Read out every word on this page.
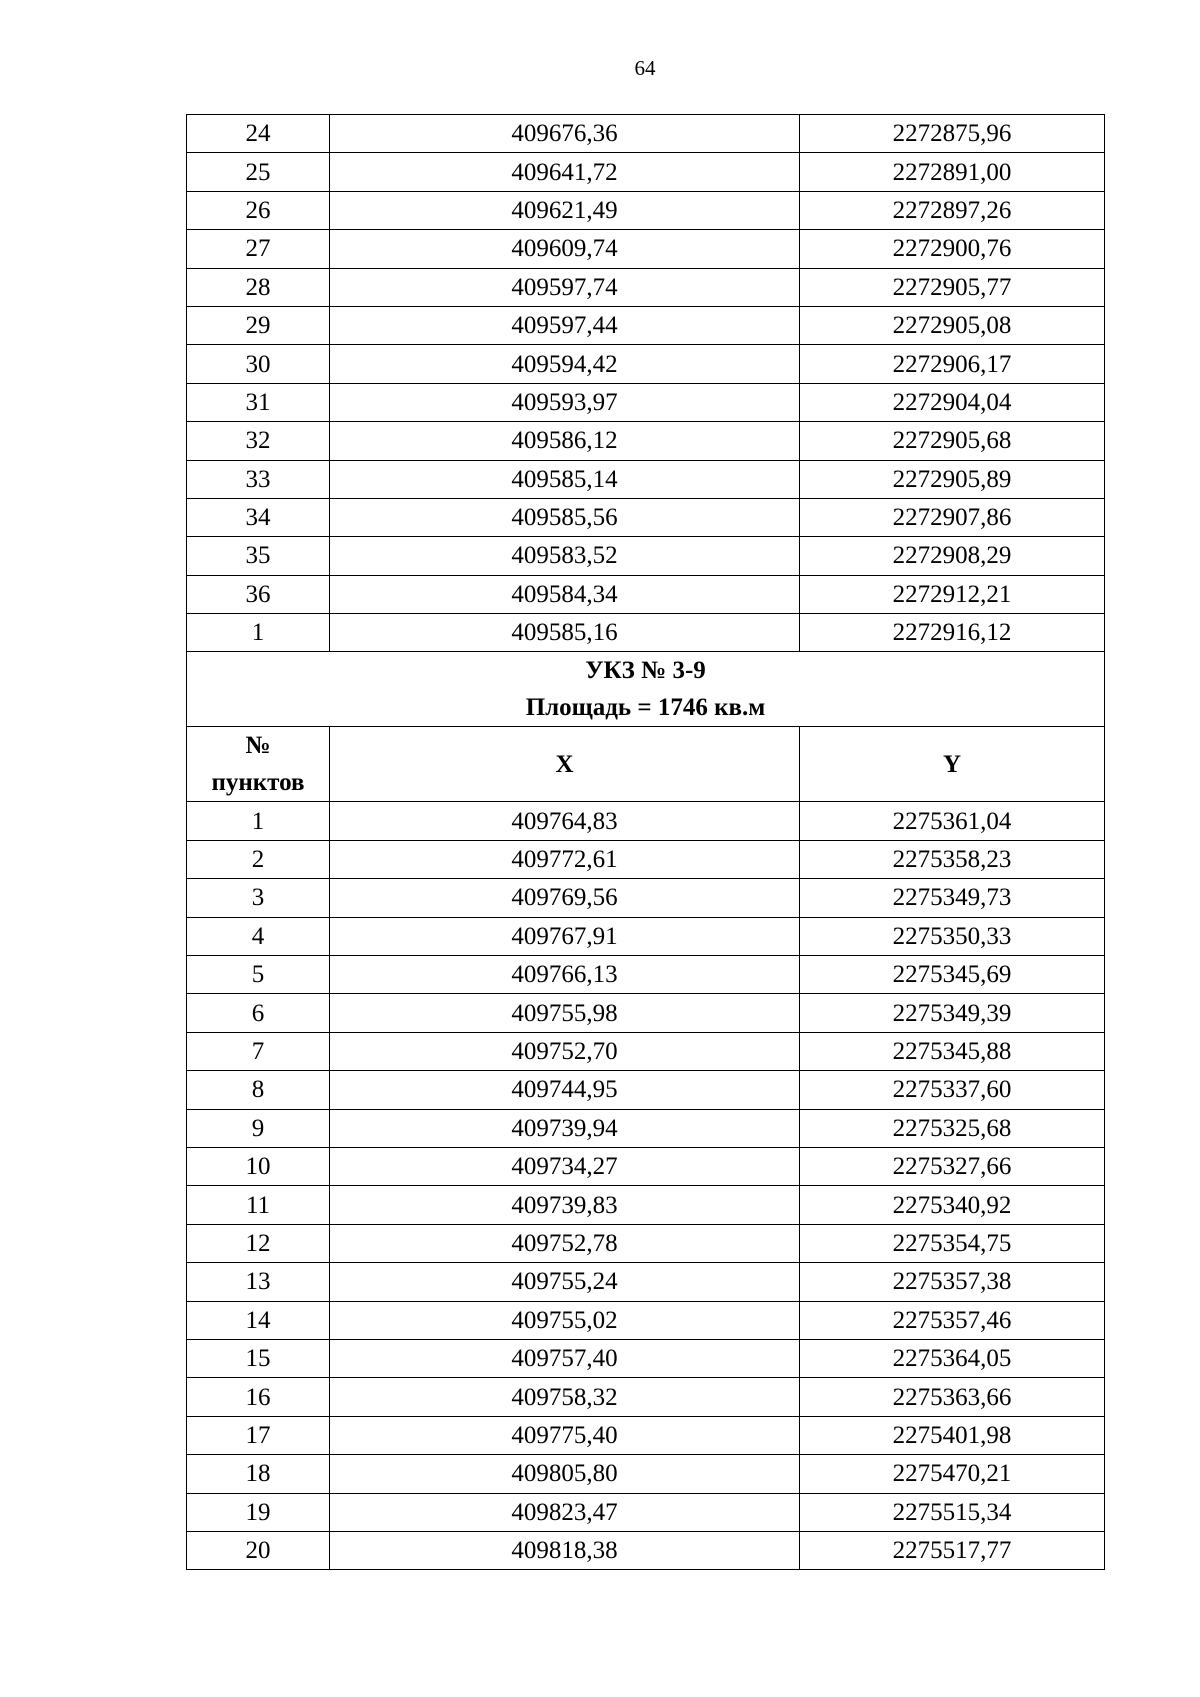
64
24	409676,36	2272875,96
25	409641,72	2272891,00
26	409621,49	2272897,26
27	409609,74	2272900,76
28	409597,74	2272905,77
29	409597,44	2272905,08
30	409594,42	2272906,17
31	409593,97	2272904,04
32	409586,12	2272905,68
33	409585,14	2272905,89
34	409585,56	2272907,86
35	409583,52	2272908,29
36	409584,34	2272912,21
1	409585,16	2272916,12

УКЗ № 3-9
Площадь = 1746 кв.м		

№
пунктов	X	Y
1	409764,83	2275361,04
2	409772,61	2275358,23
3	409769,56	2275349,73
4	409767,91	2275350,33
5	409766,13	2275345,69
6	409755,98	2275349,39
7	409752,70	2275345,88
8	409744,95	2275337,60
9	409739,94	2275325,68
10	409734,27	2275327,66
11	409739,83	2275340,92
12	409752,78	2275354,75
13	409755,24	2275357,38
14	409755,02	2275357,46
15	409757,40	2275364,05
16	409758,32	2275363,66
17	409775,40	2275401,98
18	409805,80	2275470,21
19	409823,47	2275515,34
20	409818,38	2275517,77
